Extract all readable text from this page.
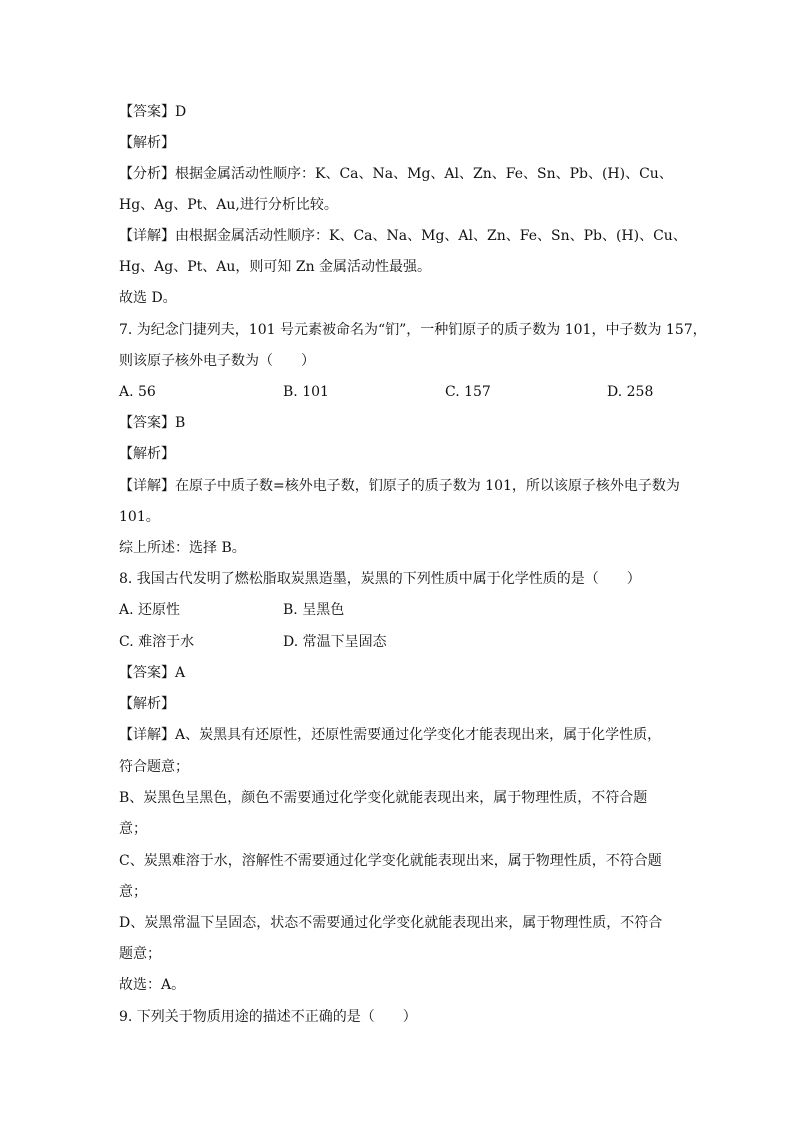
【答案】D
【解析】
【分析】根据金属活动性顺序：K、Ca、Na、Mg、Al、Zn、Fe、Sn、Pb、(H)、Cu、
Hg、Ag、Pt、Au,进行分析比较。
【详解】由根据金属活动性顺序：K、Ca、Na、Mg、Al、Zn、Fe、Sn、Pb、(H)、Cu、
Hg、Ag、Pt、Au，则可知 Zn 金属活动性最强。
故选 D。
7. 为纪念门捷列夫，101 号元素被命名为“钔”，一种钔原子的质子数为 101，中子数为 157，
则该原子核外电子数为（　　）
A. 56	B. 101	C. 157	D. 258
【答案】B
【解析】
【详解】在原子中质子数=核外电子数，钔原子的质子数为 101，所以该原子核外电子数为
101。
综上所述：选择 B。
8. 我国古代发明了燃松脂取炭黑造墨，炭黑的下列性质中属于化学性质的是（　　）
A. 还原性	B. 呈黑色
C. 难溶于水	D. 常温下呈固态
【答案】A
【解析】
【详解】A、炭黑具有还原性，还原性需要通过化学变化才能表现出来，属于化学性质，
符合题意；
B、炭黑色呈黑色，颜色不需要通过化学变化就能表现出来，属于物理性质，不符合题
意；
C、炭黑难溶于水，溶解性不需要通过化学变化就能表现出来，属于物理性质，不符合题
意；
D、炭黑常温下呈固态，状态不需要通过化学变化就能表现出来，属于物理性质，不符合
题意；
故选：A。
9. 下列关于物质用途的描述不正确的是（　　）
